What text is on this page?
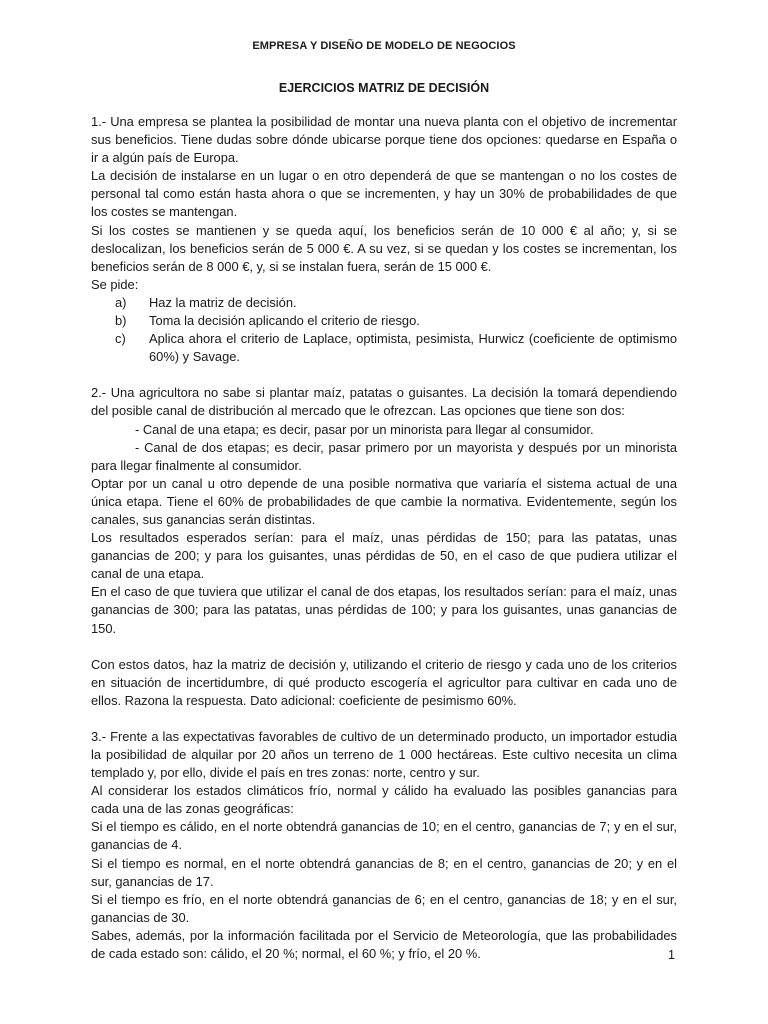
EMPRESA Y DISEÑO DE MODELO DE NEGOCIOS
EJERCICIOS MATRIZ DE DECISIÓN

1.- Una empresa se plantea la posibilidad de montar una nueva planta con el objetivo de incrementar sus beneficios. Tiene dudas sobre dónde ubicarse porque tiene dos opciones: quedarse en España o ir a algún país de Europa.

La decisión de instalarse en un lugar o en otro dependerá de que se mantengan o no los costes de personal tal como están hasta ahora o que se incrementen, y hay un 30% de probabilidades de que los costes se mantengan.

Si los costes se mantienen y se queda aquí, los beneficios serán de 10 000 € al año; y, si se deslocalizan, los beneficios serán de 5 000 €. A su vez, si se quedan y los costes se incrementan, los beneficios serán de 8 000 €, y, si se instalan fuera, serán de 15 000 €.

Se pide:

a)	Haz la matriz de decisión.
b)	Toma la decisión aplicando el criterio de riesgo.
c)	Aplica ahora el criterio de Laplace, optimista, pesimista, Hurwicz (coeficiente de optimismo 60%) y Savage.

2.- Una agricultora no sabe si plantar maíz, patatas o guisantes. La decisión la tomará dependiendo del posible canal de distribución al mercado que le ofrezcan. Las opciones que tiene son dos:

- Canal de una etapa; es decir, pasar por un minorista para llegar al consumidor.

- Canal de dos etapas; es decir, pasar primero por un mayorista y después por un minorista para llegar finalmente al consumidor.

Optar por un canal u otro depende de una posible normativa que variaría el sistema actual de una única etapa. Tiene el 60% de probabilidades de que cambie la normativa. Evidentemente, según los canales, sus ganancias serán distintas.

Los resultados esperados serían: para el maíz, unas pérdidas de 150; para las patatas, unas ganancias de 200; y para los guisantes, unas pérdidas de 50, en el caso de que pudiera utilizar el canal de una etapa.

En el caso de que tuviera que utilizar el canal de dos etapas, los resultados serían: para el maíz, unas ganancias de 300; para las patatas, unas pérdidas de 100; y para los guisantes, unas ganancias de 150.

Con estos datos, haz la matriz de decisión y, utilizando el criterio de riesgo y cada uno de los criterios en situación de incertidumbre, di qué producto escogería el agricultor para cultivar en cada uno de ellos. Razona la respuesta. Dato adicional: coeficiente de pesimismo 60%.

3.- Frente a las expectativas favorables de cultivo de un determinado producto, un importador estudia la posibilidad de alquilar por 20 años un terreno de 1 000 hectáreas. Este cultivo necesita un clima templado y, por ello, divide el país en tres zonas: norte, centro y sur.

Al considerar los estados climáticos frío, normal y cálido ha evaluado las posibles ganancias para cada una de las zonas geográficas:

Si el tiempo es cálido, en el norte obtendrá ganancias de 10; en el centro, ganancias de 7; y en el sur, ganancias de 4.

Si el tiempo es normal, en el norte obtendrá ganancias de 8; en el centro, ganancias de 20; y en el sur, ganancias de 17.

Si el tiempo es frío, en el norte obtendrá ganancias de 6; en el centro, ganancias de 18; y en el sur, ganancias de 30.

Sabes, además, por la información facilitada por el Servicio de Meteorología, que las probabilidades de cada estado son: cálido, el 20 %; normal, el 60 %; y frío, el 20 %.	1
